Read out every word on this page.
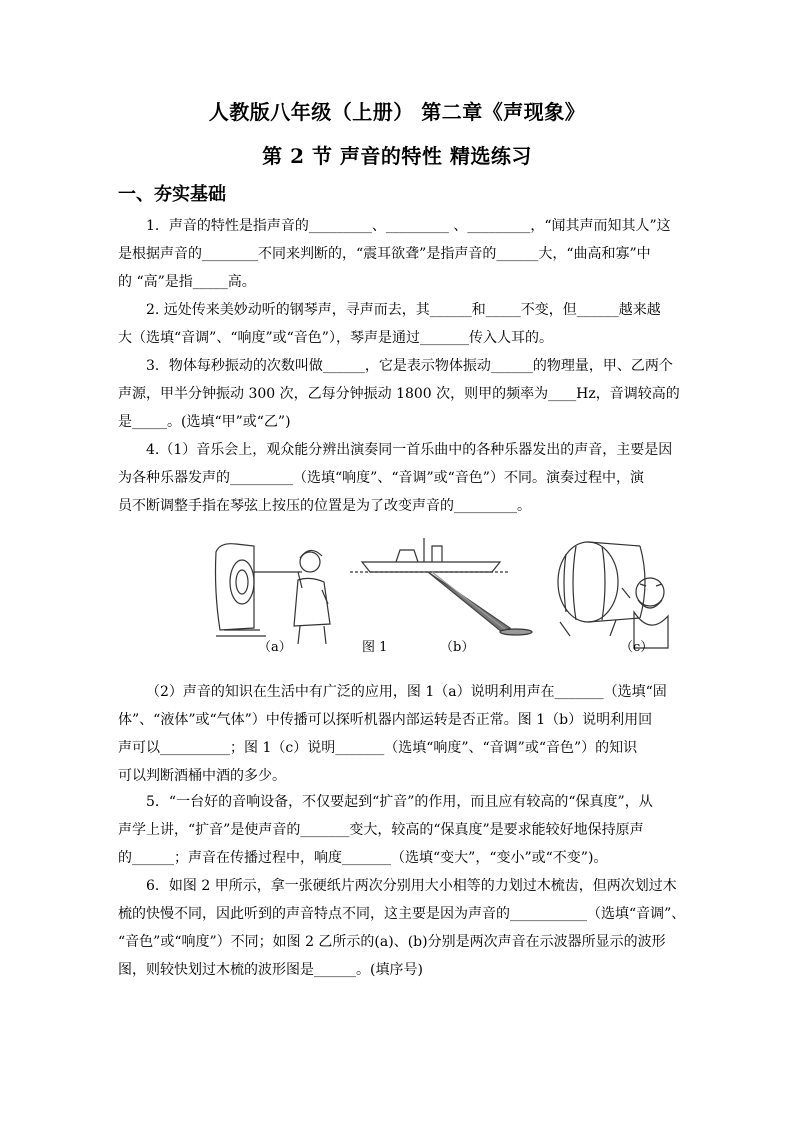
人教版八年级（上册） 第二章《声现象》
第 2 节 声音的特性 精选练习
一、夯实基础
1．声音的特性是指声音的_________、_________ 、_________，“闻其声而知其人”这
是根据声音的________不同来判断的，“震耳欲聋”是指声音的______大，“曲高和寡”中
的 “高”是指_____高。
2. 远处传来美妙动听的钢琴声，寻声而去，其______和_____不变，但______越来越
大（选填“音调”、“响度”或“音色”），琴声是通过_______传入人耳的。
3．物体每秒振动的次数叫做______，它是表示物体振动______的物理量，甲、乙两个
声源，甲半分钟振动 300 次，乙每分钟振动 1800 次，则甲的频率为____Hz，音调较高的
是_____。(选填“甲”或“乙”)
4.（1）音乐会上，观众能分辨出演奏同一首乐曲中的各种乐器发出的声音，主要是因
为各种乐器发声的_________（选填“响度”、“音调”或“音色”）不同。演奏过程中，演
员不断调整手指在琴弦上按压的位置是为了改变声音的_________。
（a）	图 1	（b）	（c）
（2）声音的知识在生活中有广泛的应用，图 1（a）说明利用声在_______（选填“固
体”、“液体”或“气体”）中传播可以探听机器内部运转是否正常。图 1（b）说明利用回
声可以__________；图 1（c）说明_______（选填“响度”、“音调”或“音色”）的知识
可以判断酒桶中酒的多少。
5．“一台好的音响设备，不仅要起到“扩音”的作用，而且应有较高的“保真度”，从
声学上讲，“扩音”是使声音的_______变大，较高的“保真度”是要求能较好地保持原声
的______；声音在传播过程中，响度_______（选填“变大”，“变小”或“不变”)。
6．如图 2 甲所示，拿一张硬纸片两次分别用大小相等的力划过木梳齿，但两次划过木
梳的快慢不同，因此听到的声音特点不同，这主要是因为声音的___________（选填“音调”、
“音色”或“响度”）不同；如图 2 乙所示的(a)、(b)分别是两次声音在示波器所显示的波形
图，则较快划过木梳的波形图是______。(填序号)
